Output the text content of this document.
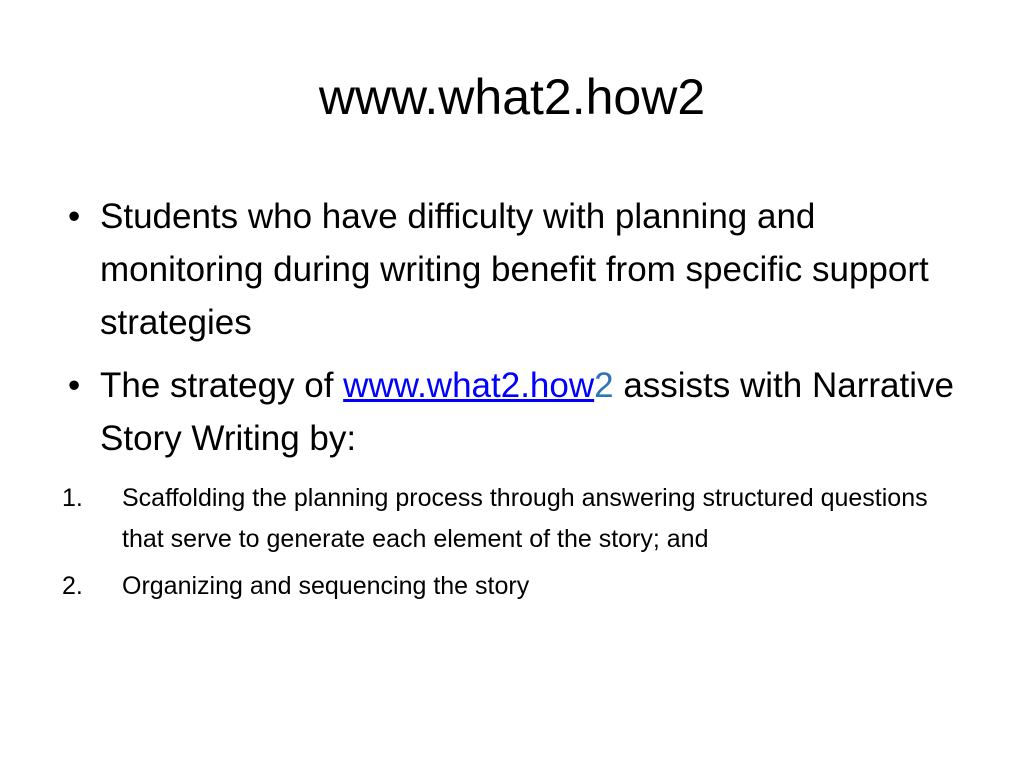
www.what2.how2
• Students who have difficulty with planning and monitoring during writing benefit from specific support strategies
• The strategy of www.what2.how2 assists with Narrative Story Writing by:
1. Scaffolding the planning process through answering structured questions that serve to generate each element of the story; and
2. Organizing and sequencing the story
